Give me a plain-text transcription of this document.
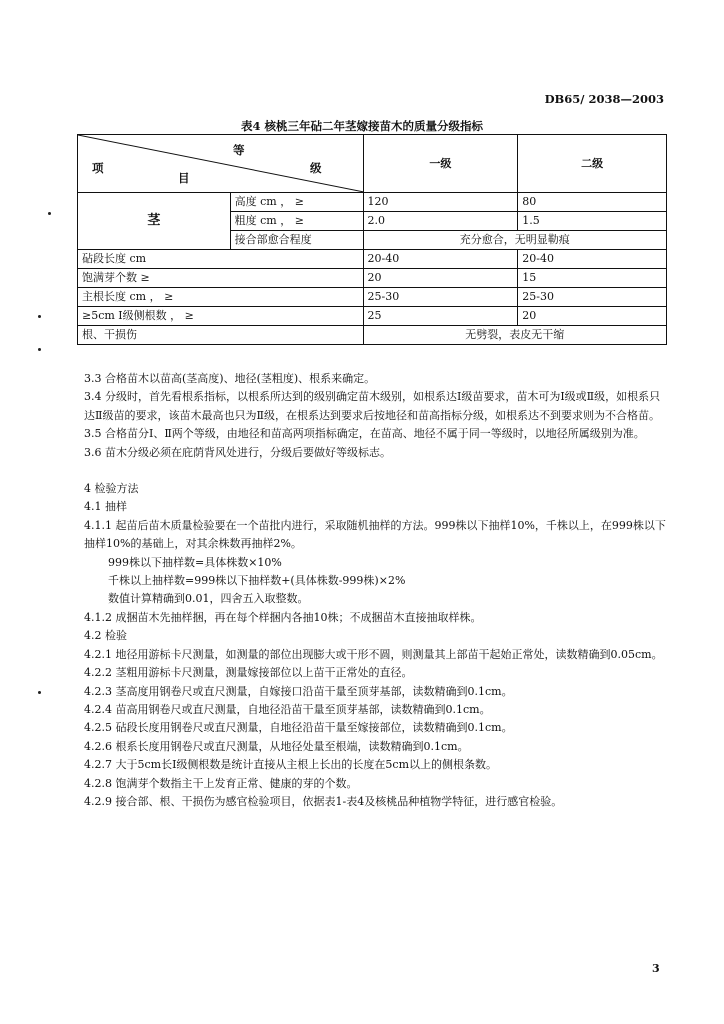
DB65/ 2038—2003
表4 核桃三年砧二年茎嫁接苗木的质量分级指标
等
级
项
目		一级	二级
茎	高度 cm ， ≥	120	80
	粗度 cm ， ≥	2.0	1.5
	接合部愈合程度	充分愈合，无明显勒痕	
砧段长度 cm		20-40	20-40
饱满芽个数 ≥		20	15
主根长度 cm ， ≥		25-30	25-30
≥5cm Ⅰ级侧根数 ， ≥		25	20
根、干损伤		无劈裂，表皮无干缩	

3.3 合格苗木以苗高(茎高度)、地径(茎粗度)、根系来确定。

3.4 分级时，首先看根系指标，以根系所达到的级别确定苗木级别，如根系达Ⅰ级苗要求，苗木可为Ⅰ级或Ⅱ级，如根系只达Ⅱ级苗的要求，该苗木最高也只为Ⅱ级，在根系达到要求后按地径和苗高指标分级，如根系达不到要求则为不合格苗。

3.5 合格苗分Ⅰ、Ⅱ两个等级，由地径和苗高两项指标确定，在苗高、地径不属于同一等级时，以地径所属级别为准。

3.6 苗木分级必须在庇荫背风处进行，分级后要做好等级标志。

4 检验方法

4.1 抽样

4.1.1 起苗后苗木质量检验要在一个苗批内进行，采取随机抽样的方法。999株以下抽样10%，千株以上，在999株以下抽样10%的基础上，对其余株数再抽样2%。

999株以下抽样数=具体株数×10%

千株以上抽样数=999株以下抽样数+(具体株数-999株)×2%

数值计算精确到0.01，四舍五入取整数。

4.1.2 成捆苗木先抽样捆，再在每个样捆内各抽10株；不成捆苗木直接抽取样株。

4.2 检验

4.2.1 地径用游标卡尺测量，如测量的部位出现膨大或干形不圆，则测量其上部苗干起始正常处，读数精确到0.05cm。

4.2.2 茎粗用游标卡尺测量，测量嫁接部位以上苗干正常处的直径。

4.2.3 茎高度用钢卷尺或直尺测量，自嫁接口沿苗干量至顶芽基部，读数精确到0.1cm。

4.2.4 苗高用钢卷尺或直尺测量，自地径沿苗干量至顶芽基部，读数精确到0.1cm。

4.2.5 砧段长度用钢卷尺或直尺测量，自地径沿苗干量至嫁接部位，读数精确到0.1cm。

4.2.6 根系长度用钢卷尺或直尺测量，从地径处量至根端，读数精确到0.1cm。

4.2.7 大于5cm长Ⅰ级侧根数是统计直接从主根上长出的长度在5cm以上的侧根条数。

4.2.8 饱满芽个数指主干上发育正常、健康的芽的个数。

4.2.9 接合部、根、干损伤为感官检验项目，依据表1-表4及核桃品种植物学特征，进行感官检验。

3
